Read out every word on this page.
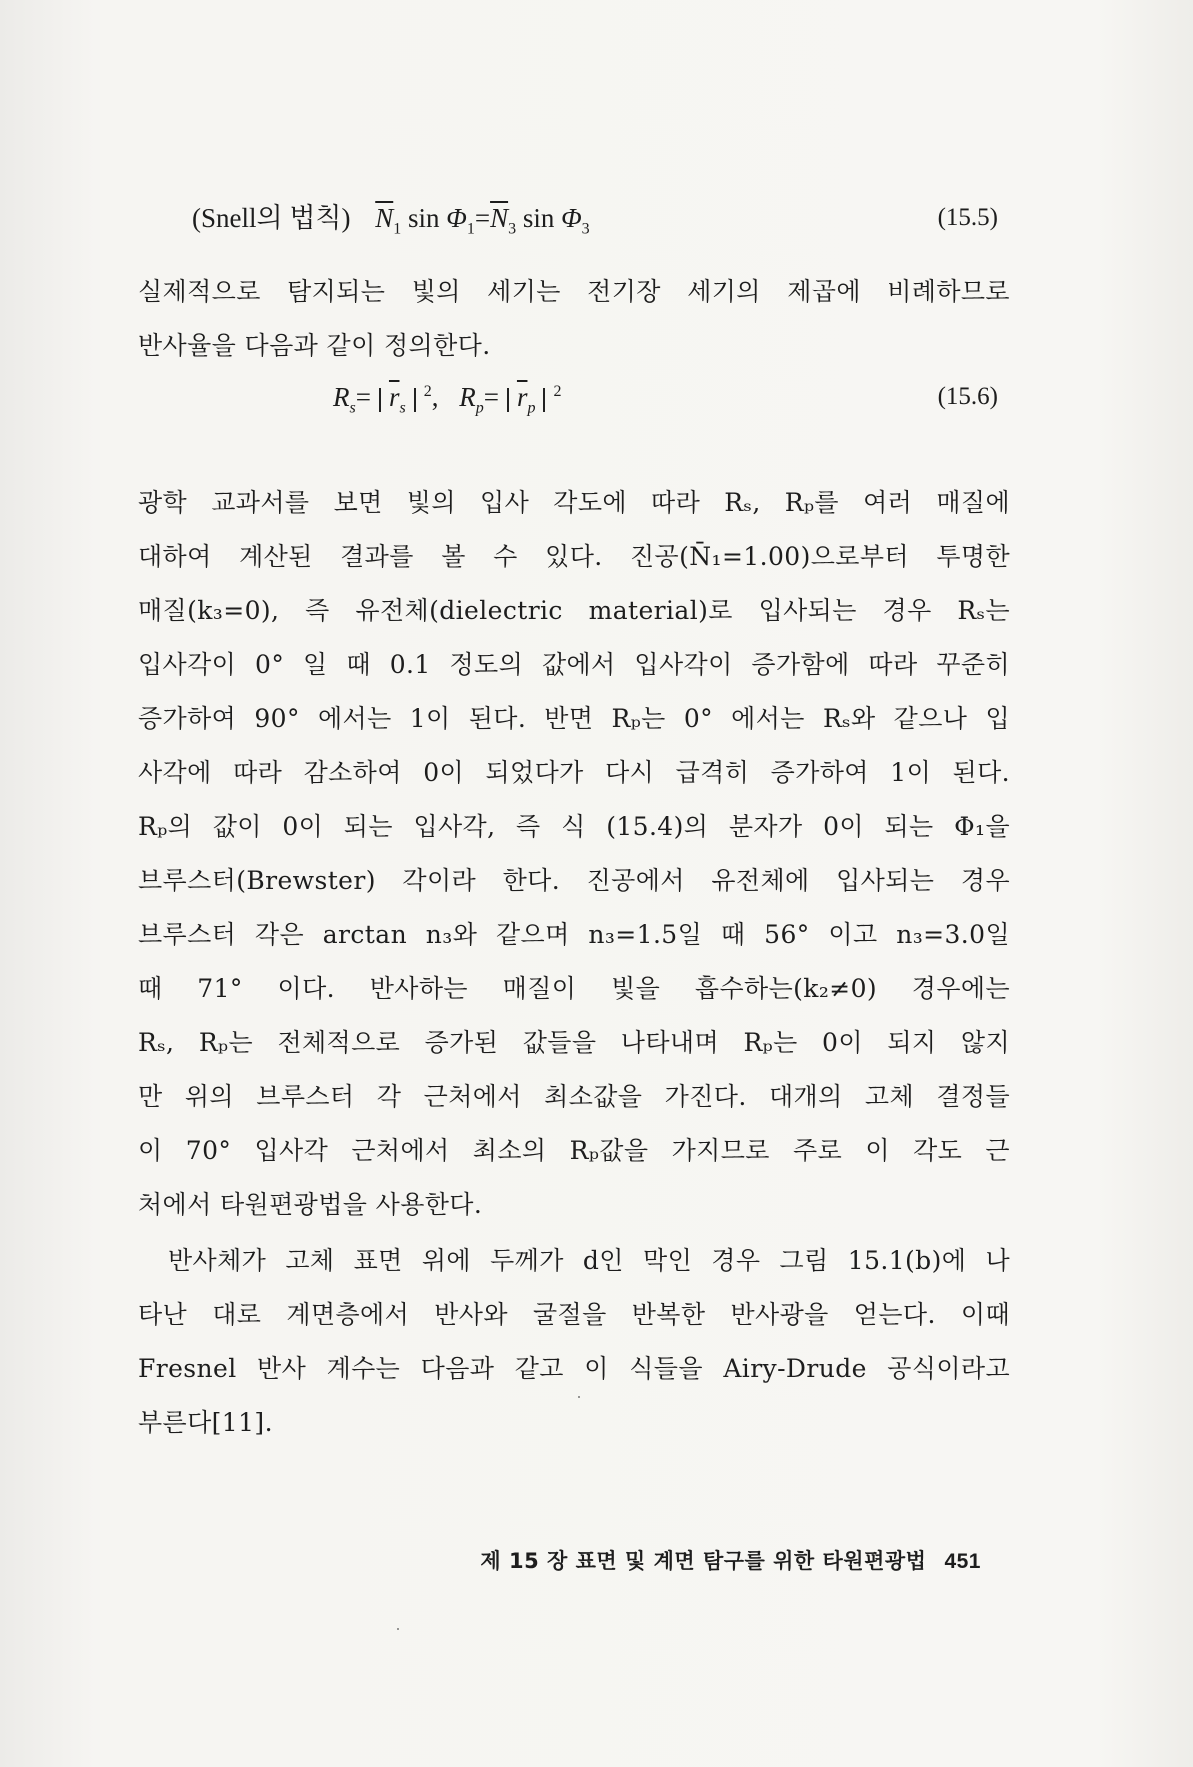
(Snell의 법칙) $\overline{N}_1$ $\sin \Phi_1=\overline{N}_3$ $\sin \Phi_3$	(15.5)
실제적으로 탐지되는 빛의 세기는 전기장 세기의 제곱에 비례하므로
반사율을 다음과 같이 정의한다.
$R_s= \overline{r}_s^2$, $R_p= \overline{r}_p^2$	(15.6)
광학 교과서를 보면 빛의 입사 각도에 따라 Rₛ, Rₚ를 여러 매질에
대하여 계산된 결과를 볼 수 있다. 진공(N̄₁=1.00)으로부터 투명한
매질(k₃=0), 즉 유전체(dielectric material)로 입사되는 경우 Rₛ는
입사각이 0° 일 때 0.1 정도의 값에서 입사각이 증가함에 따라 꾸준히
증가하여 90° 에서는 1이 된다. 반면 Rₚ는 0° 에서는 Rₛ와 같으나 입
사각에 따라 감소하여 0이 되었다가 다시 급격히 증가하여 1이 된다.
Rₚ의 값이 0이 되는 입사각, 즉 식 (15.4)의 분자가 0이 되는 Φ₁을
브루스터(Brewster) 각이라 한다. 진공에서 유전체에 입사되는 경우
브루스터 각은 arctan n₃와 같으며 n₃=1.5일 때 56° 이고 n₃=3.0일
때 71° 이다. 반사하는 매질이 빛을 흡수하는(k₂≠0) 경우에는
Rₛ, Rₚ는 전체적으로 증가된 값들을 나타내며 Rₚ는 0이 되지 않지
만 위의 브루스터 각 근처에서 최소값을 가진다. 대개의 고체 결정들
이 70° 입사각 근처에서 최소의 Rₚ값을 가지므로 주로 이 각도 근
처에서 타원편광법을 사용한다.
반사체가 고체 표면 위에 두께가 d인 막인 경우 그림 15.1(b)에 나
타난 대로 계면층에서 반사와 굴절을 반복한 반사광을 얻는다. 이때
Fresnel 반사 계수는 다음과 같고 이 식들을 Airy-Drude 공식이라고
부른다[11].
제 15 장 표면 및 계면 탐구를 위한 타원편광법 451
